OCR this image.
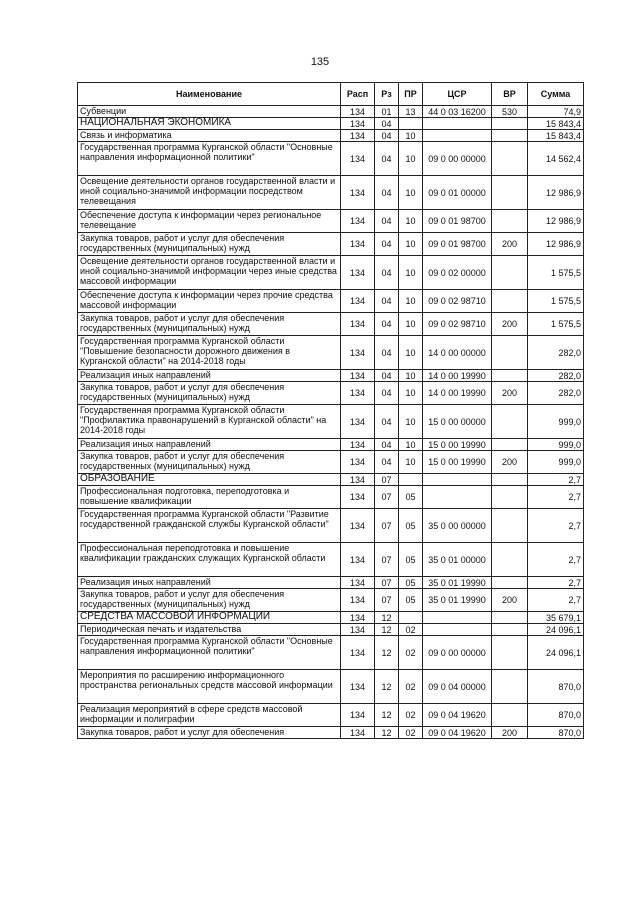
135
Наименование	Расп	Рз	ПР	ЦСР	ВР	Сумма
Субвенции	134	01	13	44 0 03 16200	530	74,9
НАЦИОНАЛЬНАЯ ЭКОНОМИКА	134	04				15 843,4
Связь и информатика	134	04	10			15 843,4
Государственная программа Курганской области "Основные направления информационной политики"	134	04	10	09 0 00 00000		14 562,4
Освещение деятельности органов государственной власти и иной социально-значимой информации посредством телевещания	134	04	10	09 0 01 00000		12 986,9
Обеспечение доступа к информации через региональное телевещание	134	04	10	09 0 01 98700		12 986,9
Закупка товаров, работ и услуг для обеспечения государственных (муниципальных) нужд	134	04	10	09 0 01 98700	200	12 986,9
Освещение деятельности органов государственной власти и иной социально-значимой информации через иные средства массовой информации	134	04	10	09 0 02 00000		1 575,5
Обеспечение доступа к информации через прочие средства массовой информации	134	04	10	09 0 02 98710		1 575,5
Закупка товаров, работ и услуг для обеспечения государственных (муниципальных) нужд	134	04	10	09 0 02 98710	200	1 575,5
Государственная программа Курганской области "Повышение безопасности дорожного движения в Курганской области" на 2014-2018 годы	134	04	10	14 0 00 00000		282,0
Реализация иных направлений	134	04	10	14 0 00 19990		282,0
Закупка товаров, работ и услуг для обеспечения государственных (муниципальных) нужд	134	04	10	14 0 00 19990	200	282,0
Государственная программа Курганской области "Профилактика правонарушений в Курганской области" на 2014-2018 годы	134	04	10	15 0 00 00000		999,0
Реализация иных направлений	134	04	10	15 0 00 19990		999,0
Закупка товаров, работ и услуг для обеспечения государственных (муниципальных) нужд	134	04	10	15 0 00 19990	200	999,0
ОБРАЗОВАНИЕ	134	07				2,7
Профессиональная подготовка, переподготовка и повышение квалификации	134	07	05			2,7
Государственная программа Курганской области "Развитие государственной гражданской службы Курганской области"	134	07	05	35 0 00 00000		2,7
Профессиональная переподготовка и повышение квалификации гражданских служащих Курганской области	134	07	05	35 0 01 00000		2,7
Реализация иных направлений	134	07	05	35 0 01 19990		2,7
Закупка товаров, работ и услуг для обеспечения государственных (муниципальных) нужд	134	07	05	35 0 01 19990	200	2,7
СРЕДСТВА МАССОВОЙ ИНФОРМАЦИИ	134	12				35 679,1
Периодическая печать и издательства	134	12	02			24 096,1
Государственная программа Курганской области "Основные направления информационной политики"	134	12	02	09 0 00 00000		24 096,1
Мероприятия по расширению информационного пространства региональных средств массовой информации	134	12	02	09 0 04 00000		870,0
Реализация мероприятий в сфере средств массовой информации и полиграфии	134	12	02	09 0 04 19620		870,0
Закупка товаров, работ и услуг для обеспечения	134	12	02	09 0 04 19620	200	870,0
